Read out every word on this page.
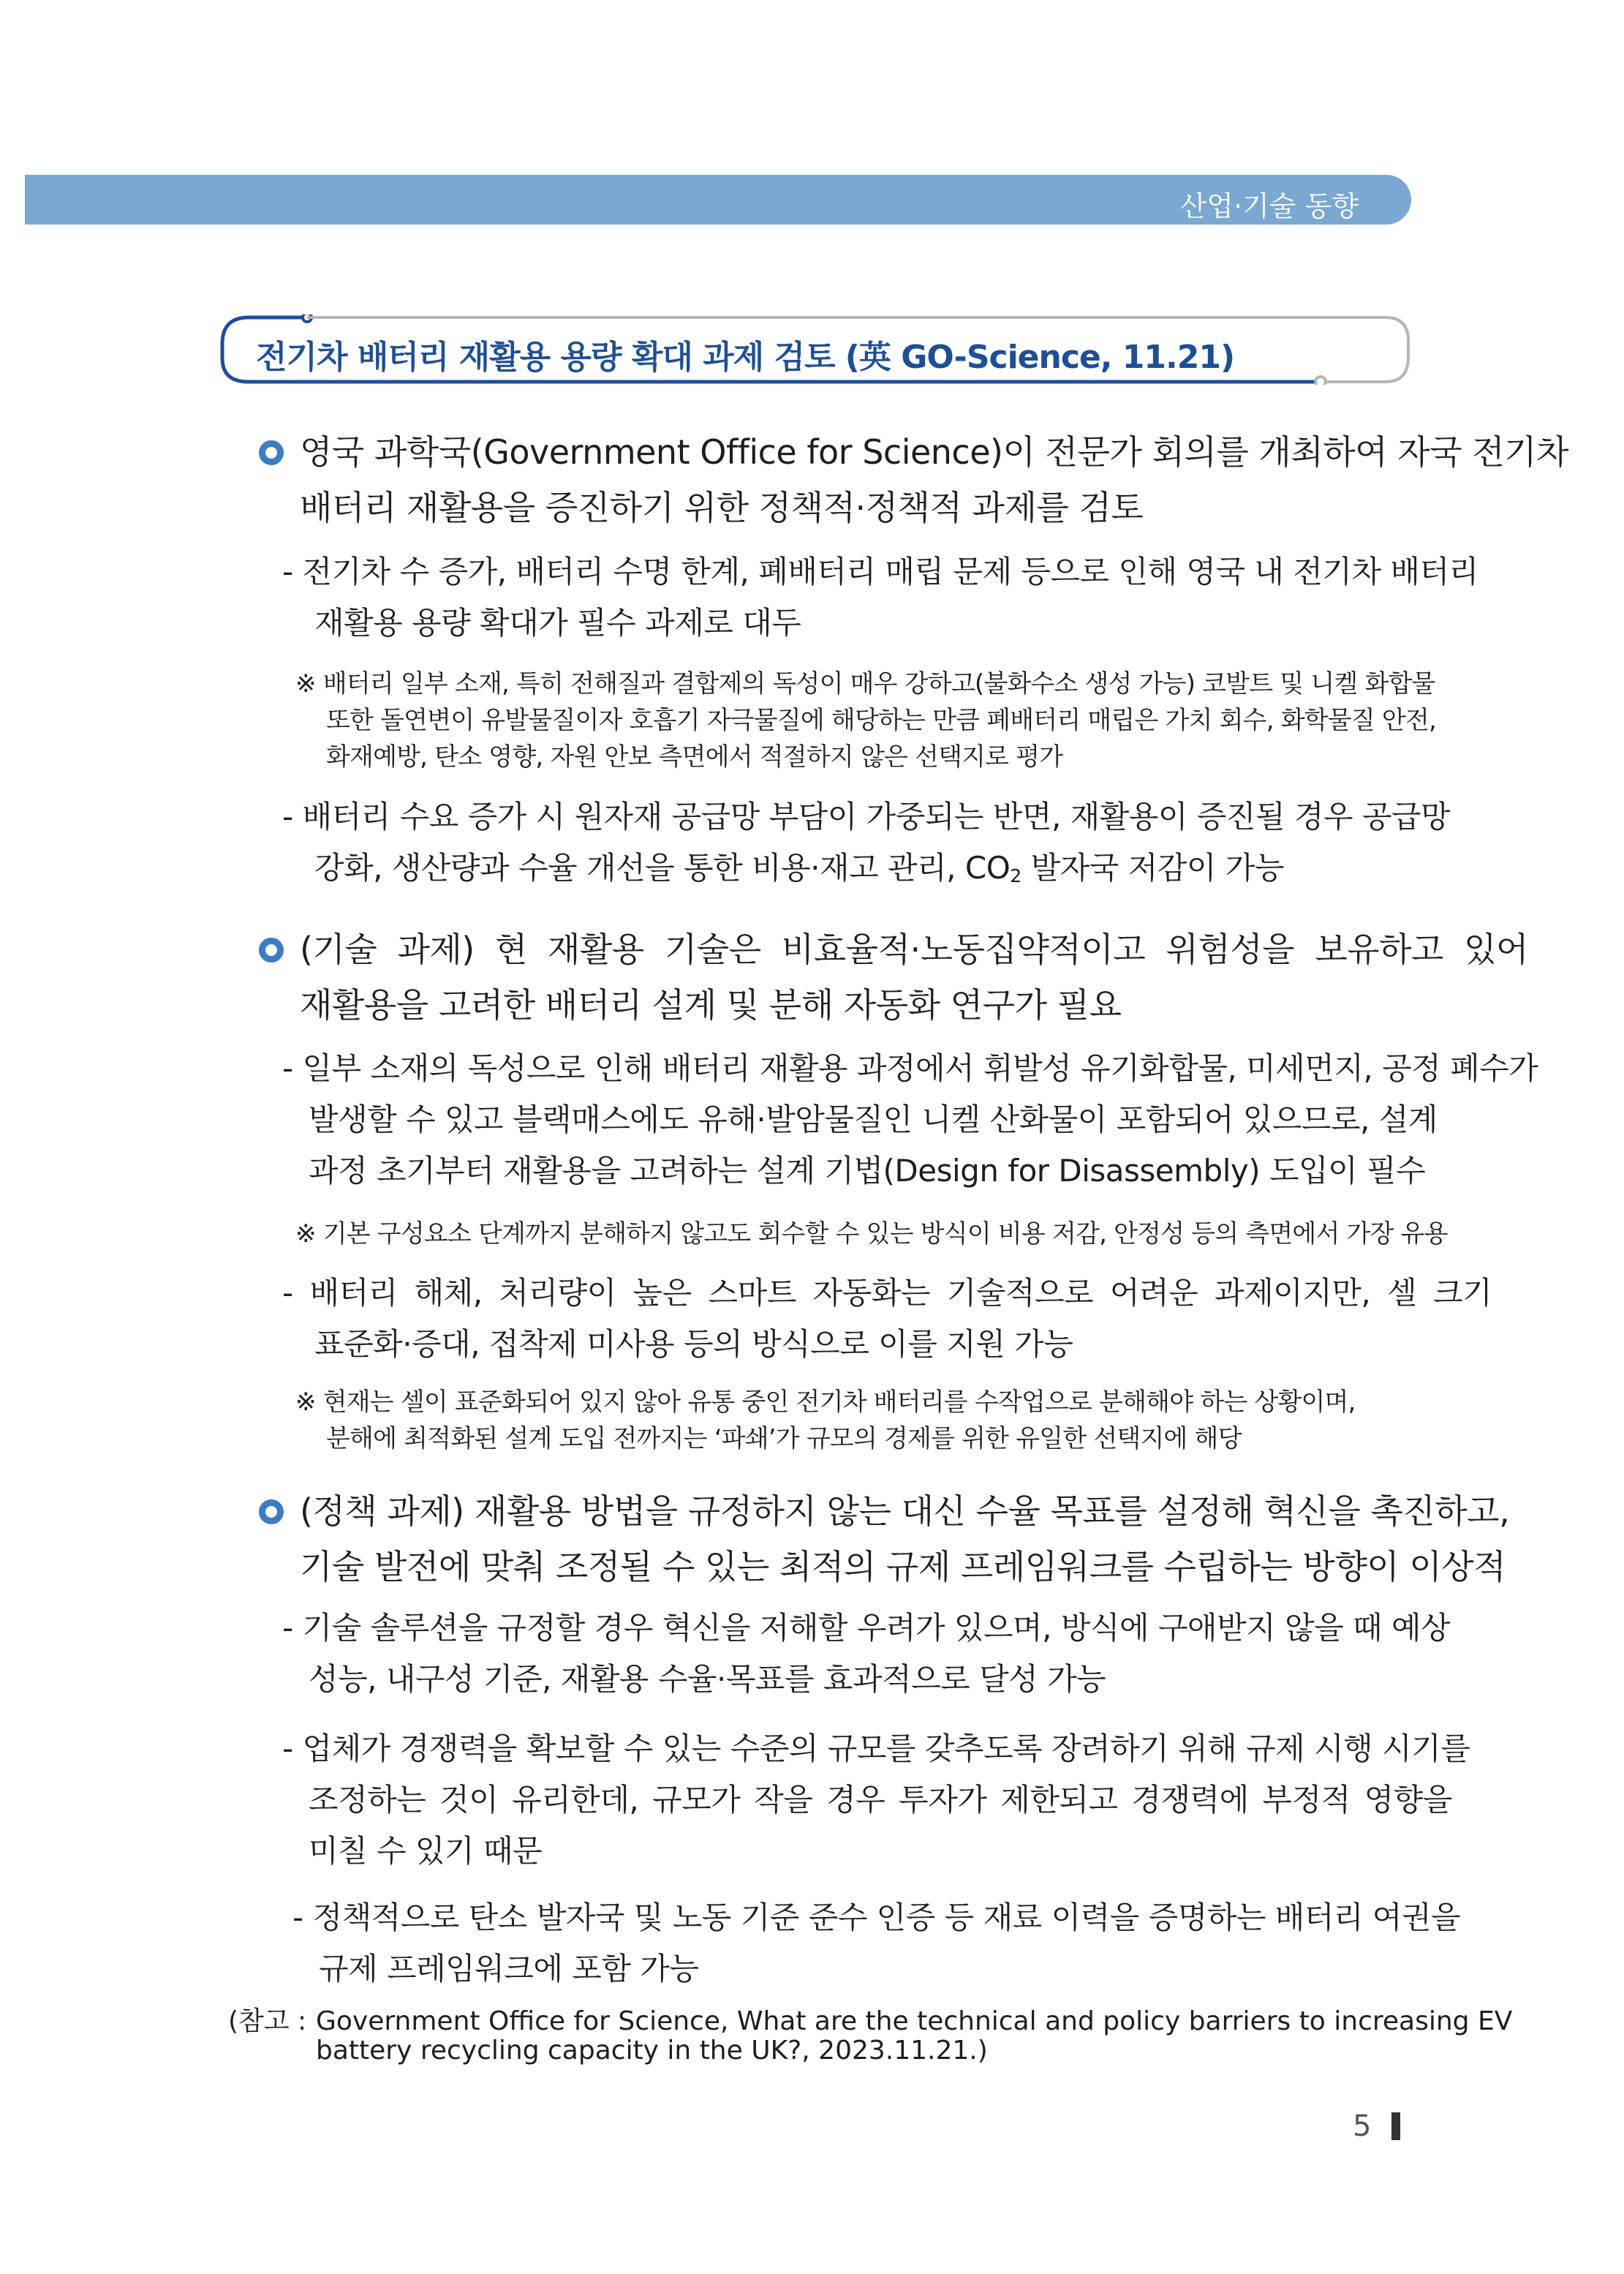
산업·기술 동향
전기차 배터리 재활용 용량 확대 과제 검토 (英 GO-Science, 11.21)
영국 과학국(Government Office for Science)이 전문가 회의를 개최하여 자국 전기차
배터리 재활용을 증진하기 위한 정책적·정책적 과제를 검토
- 전기차 수 증가, 배터리 수명 한계, 폐배터리 매립 문제 등으로 인해 영국 내 전기차 배터리
재활용 용량 확대가 필수 과제로 대두
※ 배터리 일부 소재, 특히 전해질과 결합제의 독성이 매우 강하고(불화수소 생성 가능) 코발트 및 니켈 화합물
또한 돌연변이 유발물질이자 호흡기 자극물질에 해당하는 만큼 폐배터리 매립은 가치 회수, 화학물질 안전,
화재예방, 탄소 영향, 자원 안보 측면에서 적절하지 않은 선택지로 평가
- 배터리 수요 증가 시 원자재 공급망 부담이 가중되는 반면, 재활용이 증진될 경우 공급망
강화, 생산량과 수율 개선을 통한 비용·재고 관리, $CO_2$ 발자국 저감이 가능
(기술 과제) 현 재활용 기술은 비효율적·노동집약적이고 위험성을 보유하고 있어
재활용을 고려한 배터리 설계 및 분해 자동화 연구가 필요
- 일부 소재의 독성으로 인해 배터리 재활용 과정에서 휘발성 유기화합물, 미세먼지, 공정 폐수가
발생할 수 있고 블랙매스에도 유해·발암물질인 니켈 산화물이 포함되어 있으므로, 설계
과정 초기부터 재활용을 고려하는 설계 기법(Design for Disassembly) 도입이 필수
※ 기본 구성요소 단계까지 분해하지 않고도 회수할 수 있는 방식이 비용 저감, 안정성 등의 측면에서 가장 유용
- 배터리 해체, 처리량이 높은 스마트 자동화는 기술적으로 어려운 과제이지만, 셀 크기
표준화·증대, 접착제 미사용 등의 방식으로 이를 지원 가능
※ 현재는 셀이 표준화되어 있지 않아 유통 중인 전기차 배터리를 수작업으로 분해해야 하는 상황이며,
분해에 최적화된 설계 도입 전까지는 ‘파쇄’가 규모의 경제를 위한 유일한 선택지에 해당
(정책 과제) 재활용 방법을 규정하지 않는 대신 수율 목표를 설정해 혁신을 촉진하고,
기술 발전에 맞춰 조정될 수 있는 최적의 규제 프레임워크를 수립하는 방향이 이상적
- 기술 솔루션을 규정할 경우 혁신을 저해할 우려가 있으며, 방식에 구애받지 않을 때 예상
성능, 내구성 기준, 재활용 수율·목표를 효과적으로 달성 가능
- 업체가 경쟁력을 확보할 수 있는 수준의 규모를 갖추도록 장려하기 위해 규제 시행 시기를
조정하는 것이 유리한데, 규모가 작을 경우 투자가 제한되고 경쟁력에 부정적 영향을
미칠 수 있기 때문
- 정책적으로 탄소 발자국 및 노동 기준 준수 인증 등 재료 이력을 증명하는 배터리 여권을
규제 프레임워크에 포함 가능
(참고 : Government Office for Science, What are the technical and policy barriers to increasing EV
battery recycling capacity in the UK?, 2023.11.21.)
5
